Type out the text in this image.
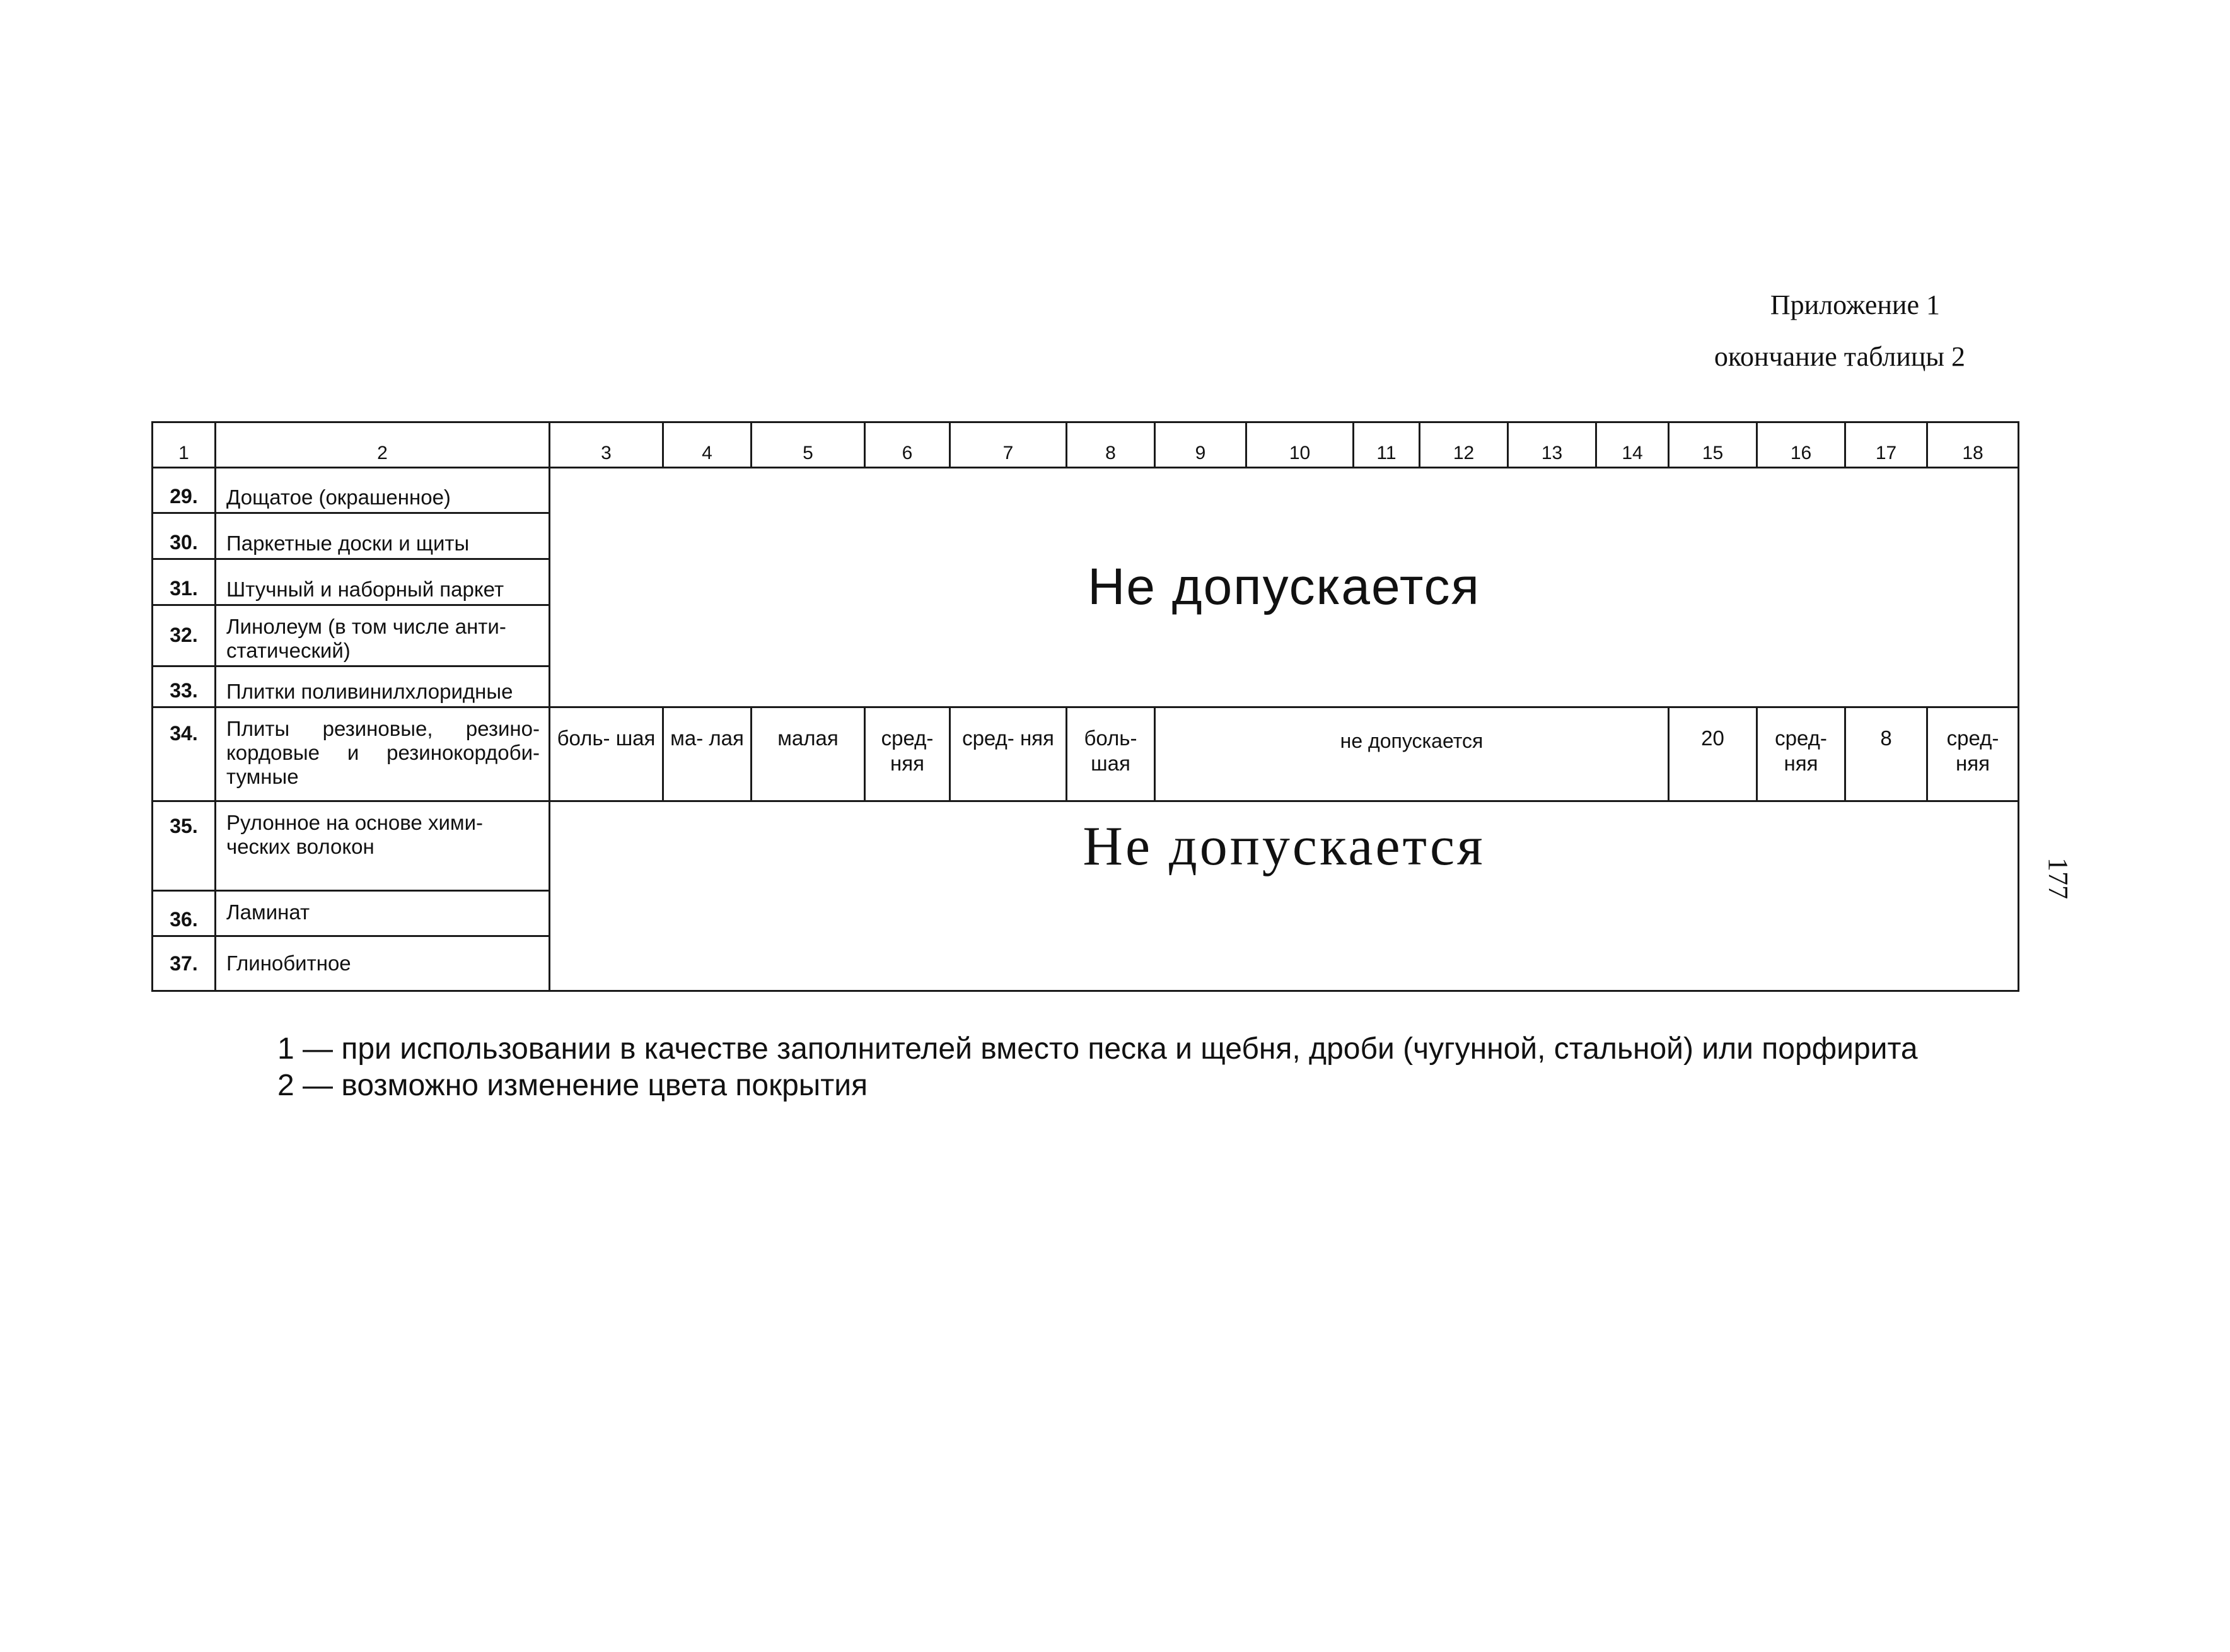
Приложение 1
окончание таблицы 2
1	2	3	4	5	6	7	8	9	10	11	12	13	14	15	16	17	18
29.	Дощатое (окрашенное)	Не допускается															
30.	Паркетные доски и щиты																
31.	Штучный и наборный паркет																
32.	Линолеум (в том числе анти-статический)																
33.	Плитки поливинилхлоридные																
34.	Плиты резиновые, резино-кордовые и резинокордоби-тумные	боль- шая	ма- лая	малая	сред- няя	сред- няя	боль- шая	не допускается						20	сред- няя	8	сред- няя
35.	Рулонное на основе хими-ческих волокон	Не допускается															
36.	Ламинат																
37.	Глинобитное																
1 — при использовании в качестве заполнителей вместо песка и щебня, дроби (чугунной, стальной) или порфирита
2 — возможно изменение цвета покрытия
177
